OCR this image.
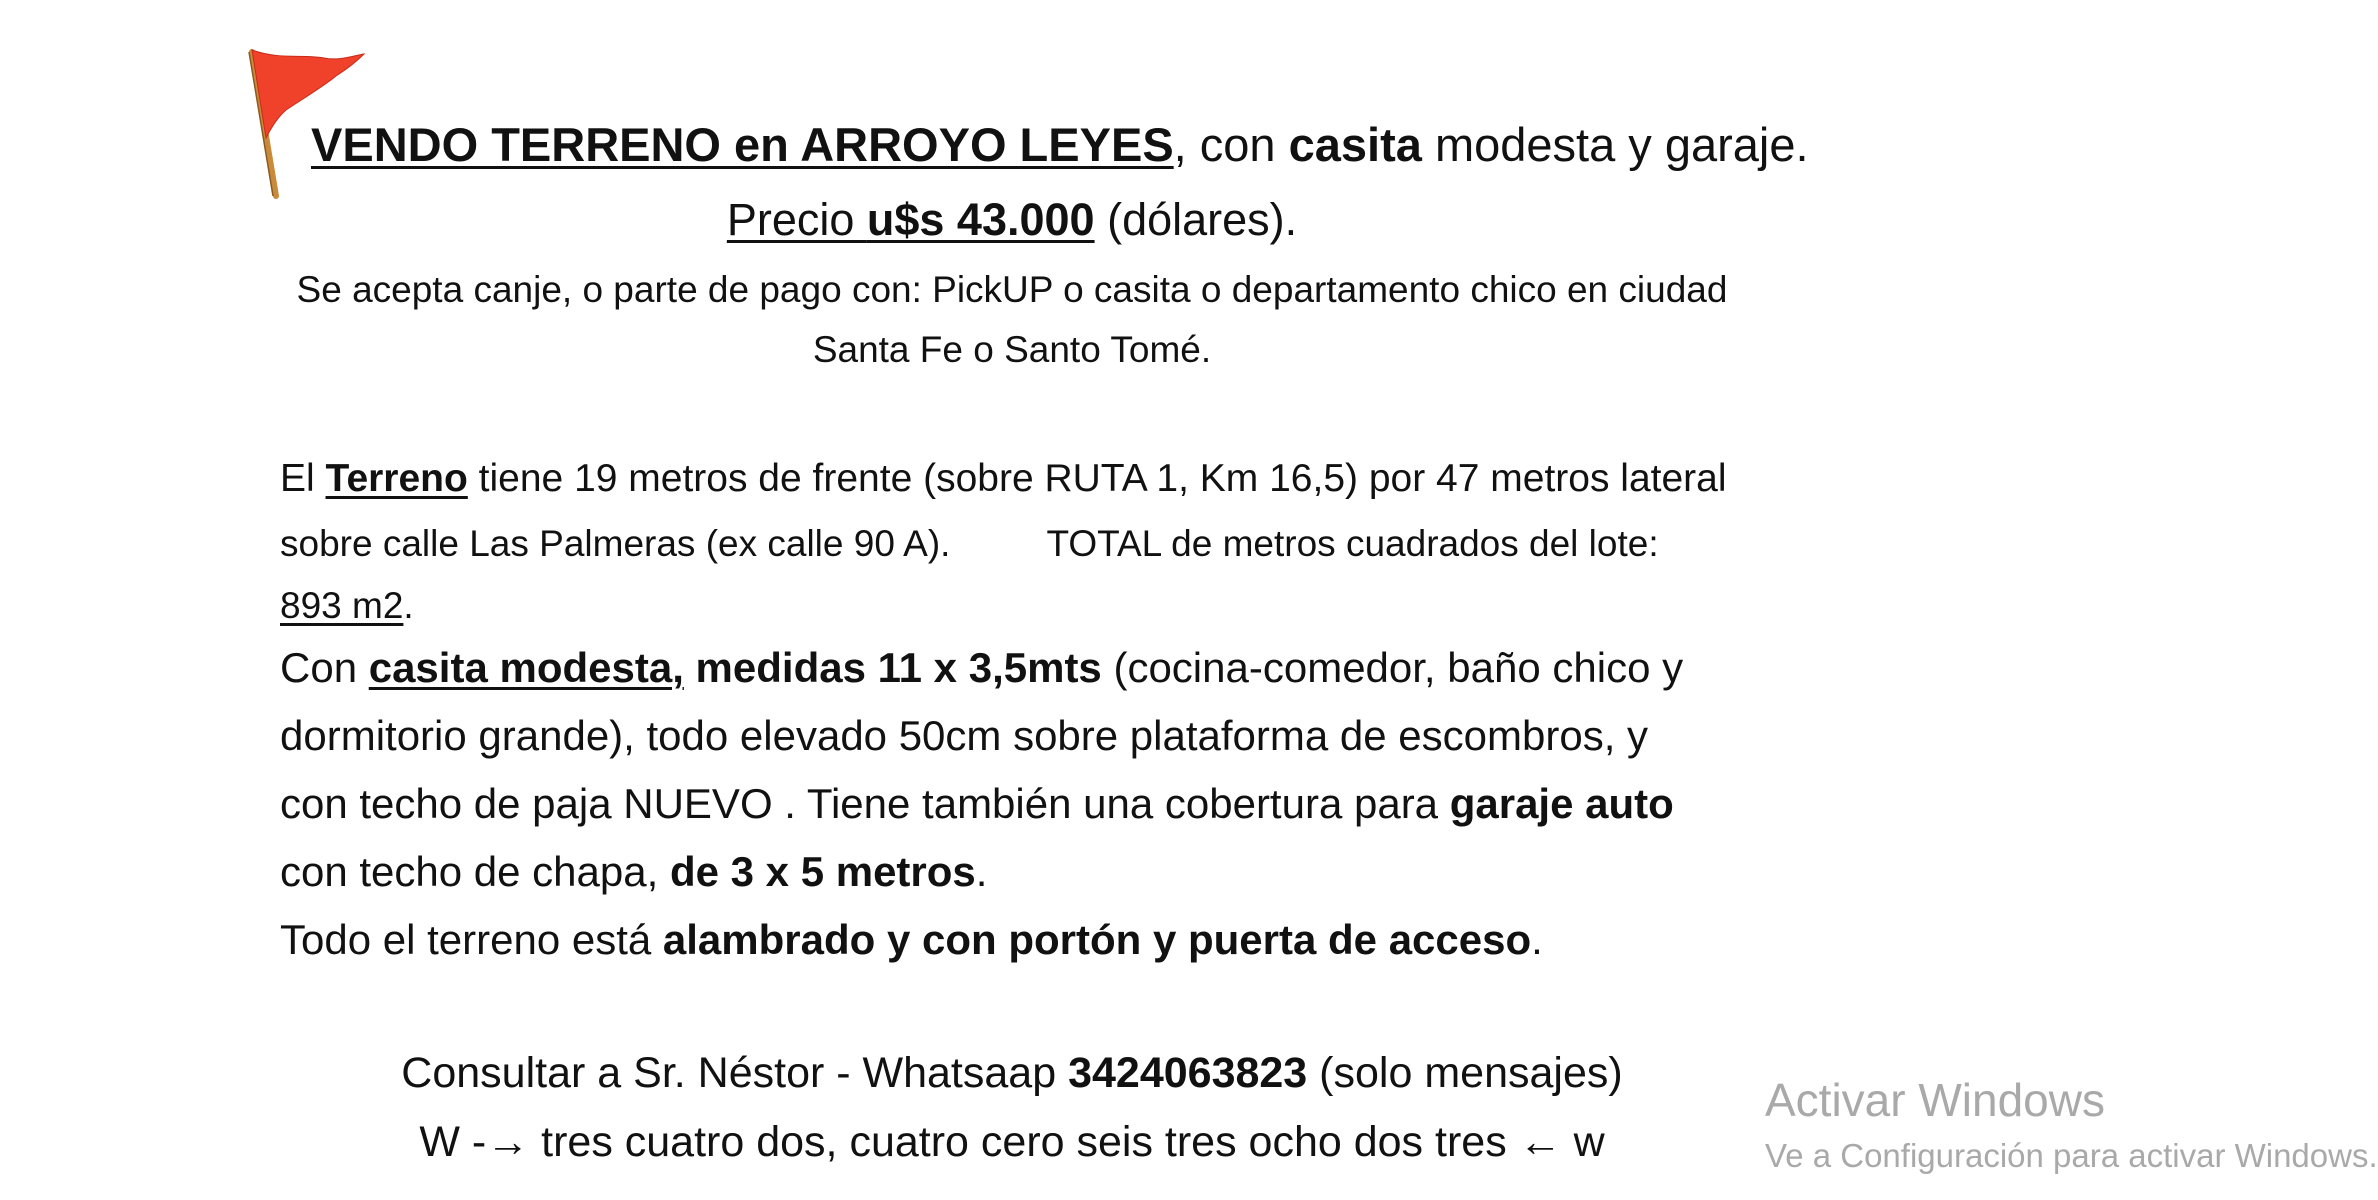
VENDO TERRENO en ARROYO LEYES, con casita modesta y garaje.
Precio u$s 43.000 (dólares).
Se acepta canje, o parte de pago con: PickUP o casita o departamento chico en ciudad
Santa Fe o Santo Tomé.
El Terreno tiene 19 metros de frente (sobre RUTA 1, Km 16,5) por 47 metros lateral
sobre calle Las Palmeras (ex calle 90 A).	TOTAL de metros cuadrados del lote:
893 m2.
Con casita modesta, medidas 11 x 3,5mts (cocina-comedor, baño chico y
dormitorio grande), todo elevado 50cm sobre plataforma de escombros, y
con techo de paja NUEVO . Tiene también una cobertura para garaje auto
con techo de chapa, de 3 x 5 metros.
Todo el terreno está alambrado y con portón y puerta de acceso.
Consultar a Sr. Néstor - Whatsaap 3424063823 (solo mensajes)
W -→ tres cuatro dos, cuatro cero seis tres ocho dos tres ← w
Activar Windows
Ve a Configuración para activar Windows.
